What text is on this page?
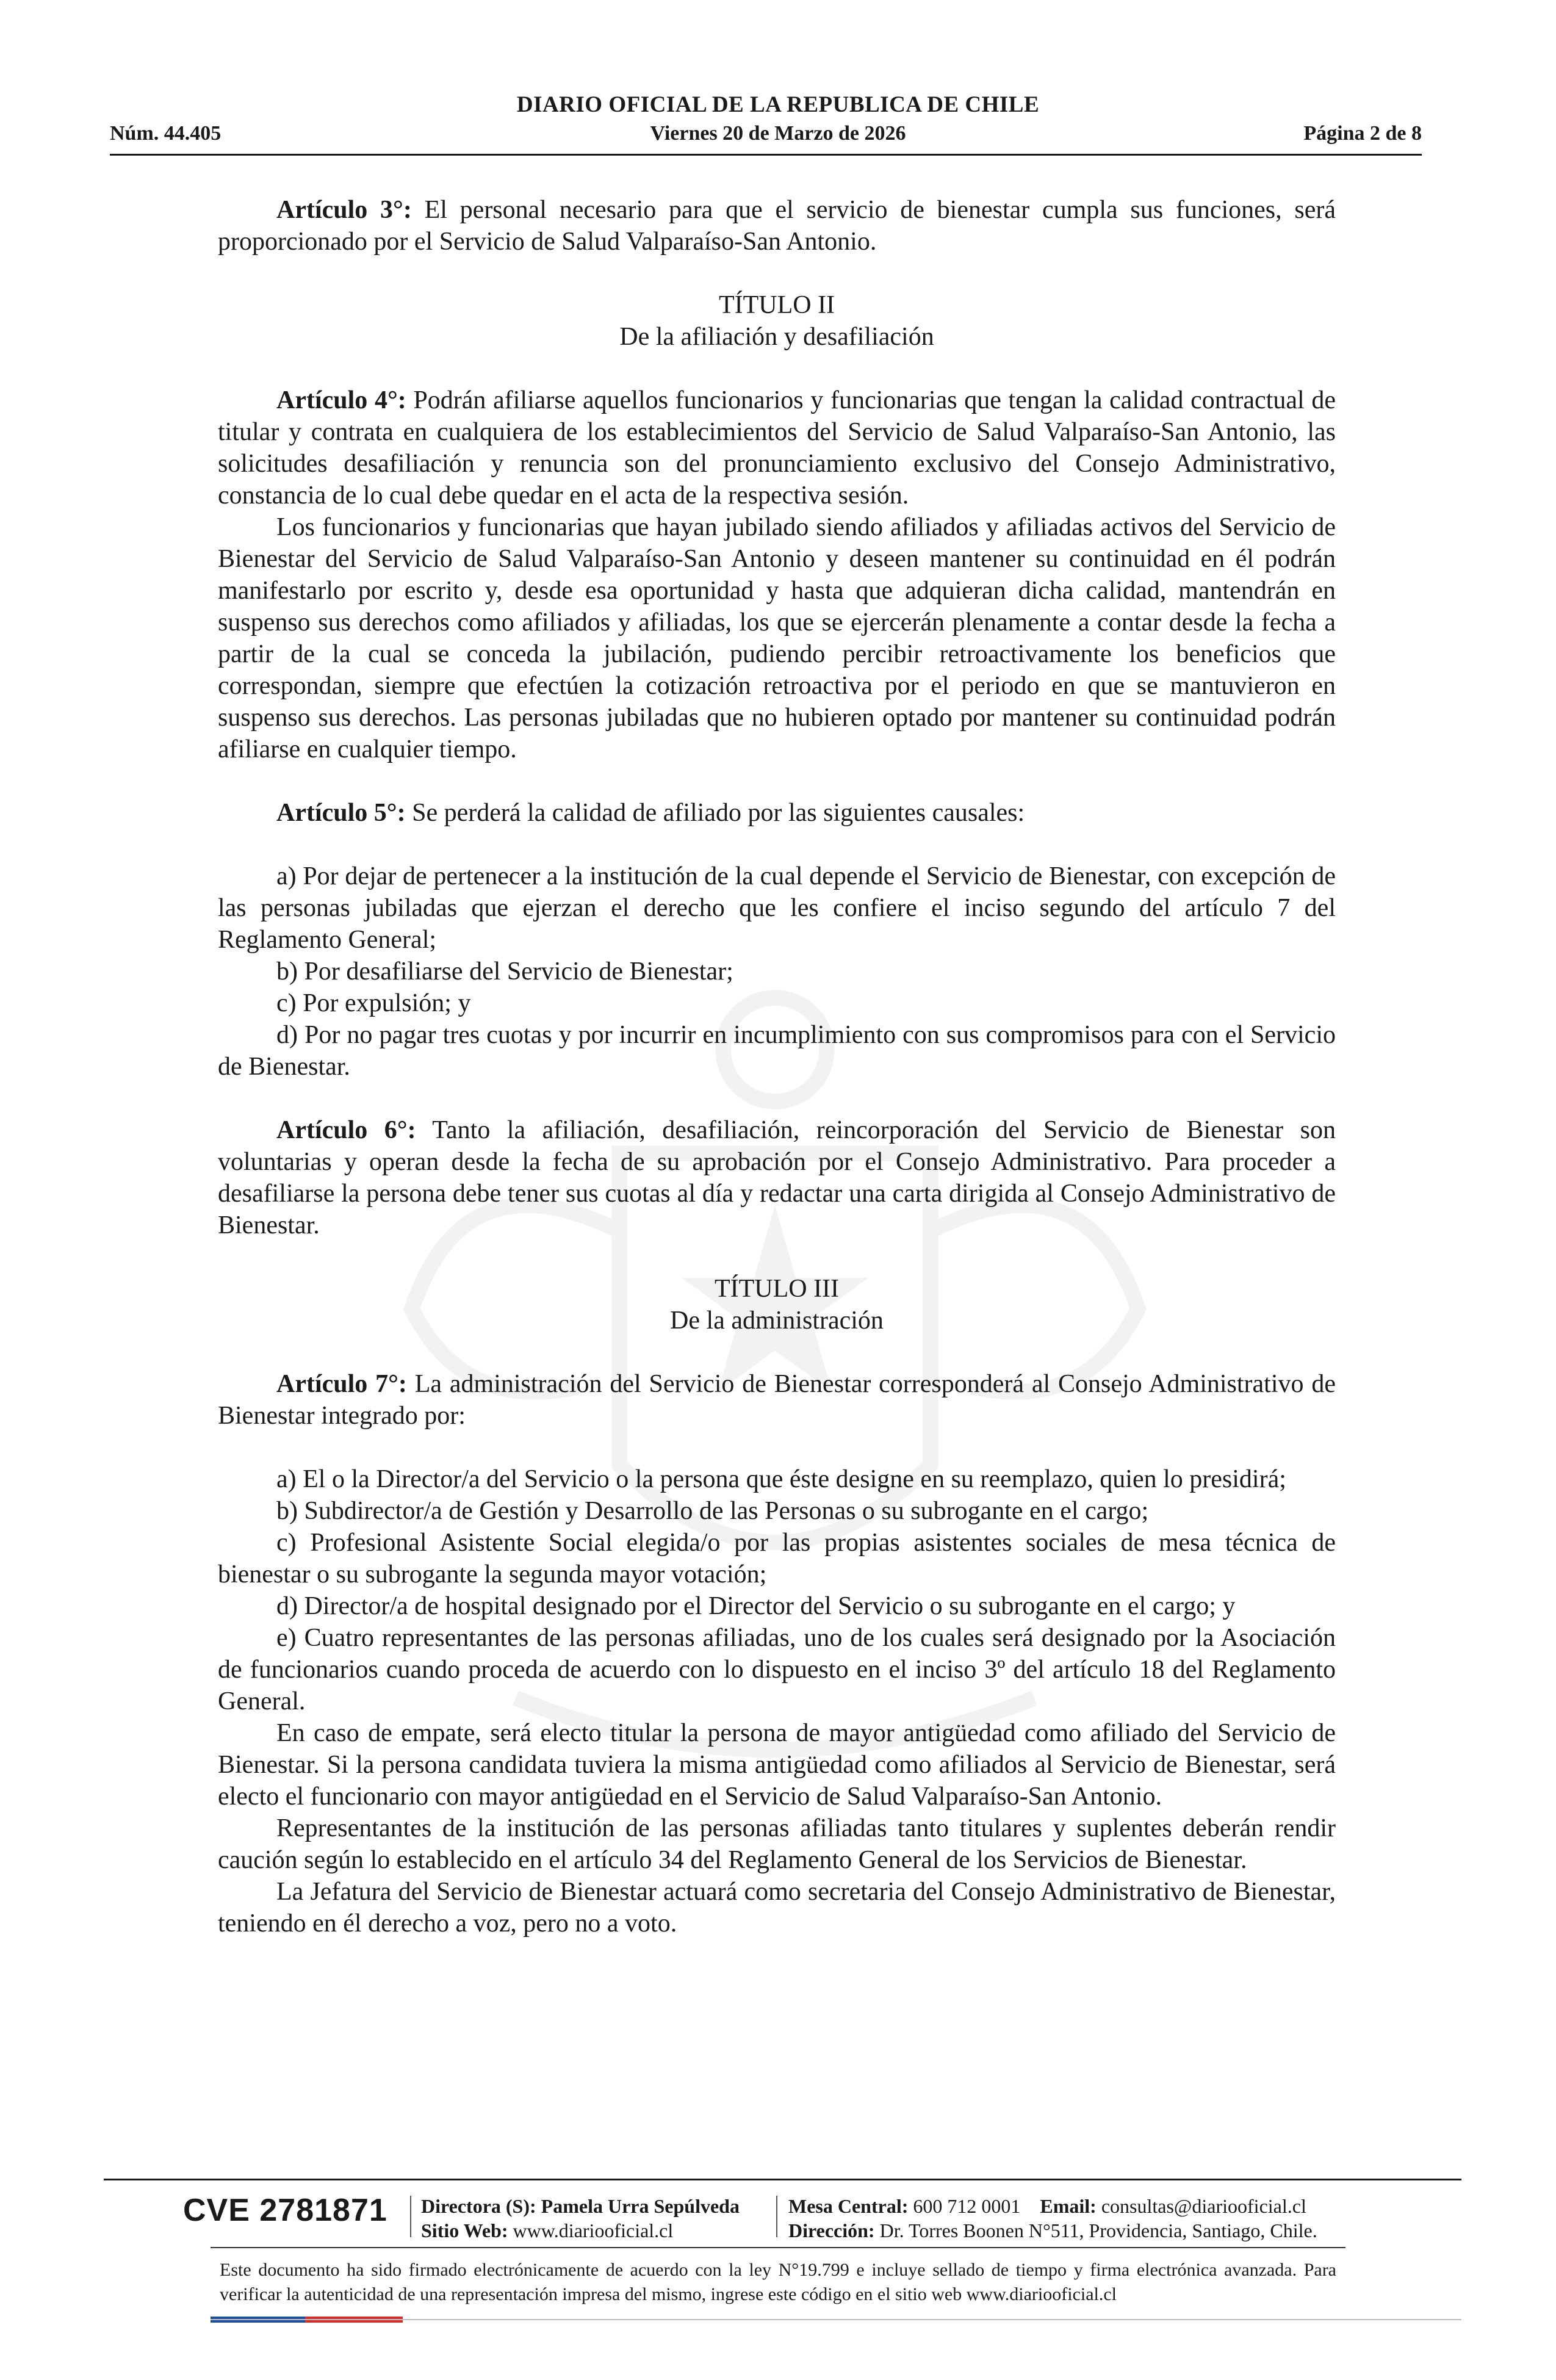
DIARIO OFICIAL DE LA REPUBLICA DE CHILE
Núm. 44.405	Viernes 20 de Marzo de 2026	Página 2 de 8

Artículo 3°: El personal necesario para que el servicio de bienestar cumpla sus funciones, será proporcionado por el Servicio de Salud Valparaíso-San Antonio.

TÍTULO II

De la afiliación y desafiliación

Artículo 4°: Podrán afiliarse aquellos funcionarios y funcionarias que tengan la calidad contractual de titular y contrata en cualquiera de los establecimientos del Servicio de Salud Valparaíso-San Antonio, las solicitudes desafiliación y renuncia son del pronunciamiento exclusivo del Consejo Administrativo, constancia de lo cual debe quedar en el acta de la respectiva sesión.

Los funcionarios y funcionarias que hayan jubilado siendo afiliados y afiliadas activos del Servicio de Bienestar del Servicio de Salud Valparaíso-San Antonio y deseen mantener su continuidad en él podrán manifestarlo por escrito y, desde esa oportunidad y hasta que adquieran dicha calidad, mantendrán en suspenso sus derechos como afiliados y afiliadas, los que se ejercerán plenamente a contar desde la fecha a partir de la cual se conceda la jubilación, pudiendo percibir retroactivamente los beneficios que correspondan, siempre que efectúen la cotización retroactiva por el periodo en que se mantuvieron en suspenso sus derechos. Las personas jubiladas que no hubieren optado por mantener su continuidad podrán afiliarse en cualquier tiempo.

Artículo 5°: Se perderá la calidad de afiliado por las siguientes causales:

a) Por dejar de pertenecer a la institución de la cual depende el Servicio de Bienestar, con excepción de las personas jubiladas que ejerzan el derecho que les confiere el inciso segundo del artículo 7 del Reglamento General;

b) Por desafiliarse del Servicio de Bienestar;

c) Por expulsión; y

d) Por no pagar tres cuotas y por incurrir en incumplimiento con sus compromisos para con el Servicio de Bienestar.

Artículo 6°: Tanto la afiliación, desafiliación, reincorporación del Servicio de Bienestar son voluntarias y operan desde la fecha de su aprobación por el Consejo Administrativo. Para proceder a desafiliarse la persona debe tener sus cuotas al día y redactar una carta dirigida al Consejo Administrativo de Bienestar.

TÍTULO III

De la administración

Artículo 7°: La administración del Servicio de Bienestar corresponderá al Consejo Administrativo de Bienestar integrado por:

a) El o la Director/a del Servicio o la persona que éste designe en su reemplazo, quien lo presidirá;

b) Subdirector/a de Gestión y Desarrollo de las Personas o su subrogante en el cargo;

c) Profesional Asistente Social elegida/o por las propias asistentes sociales de mesa técnica de bienestar o su subrogante la segunda mayor votación;

d) Director/a de hospital designado por el Director del Servicio o su subrogante en el cargo; y

e) Cuatro representantes de las personas afiliadas, uno de los cuales será designado por la Asociación de funcionarios cuando proceda de acuerdo con lo dispuesto en el inciso 3º del artículo 18 del Reglamento General.

En caso de empate, será electo titular la persona de mayor antigüedad como afiliado del Servicio de Bienestar. Si la persona candidata tuviera la misma antigüedad como afiliados al Servicio de Bienestar, será electo el funcionario con mayor antigüedad en el Servicio de Salud Valparaíso-San Antonio.

Representantes de la institución de las personas afiliadas tanto titulares y suplentes deberán rendir caución según lo establecido en el artículo 34 del Reglamento General de los Servicios de Bienestar.

La Jefatura del Servicio de Bienestar actuará como secretaria del Consejo Administrativo de Bienestar, teniendo en él derecho a voz, pero no a voto.

CVE 2781871 Directora (S): Pamela Urra Sepúlveda
Sitio Web: www.diariooficial.cl
Mesa Central: 600 712 0001 Email: consultas@diariooficial.cl
Dirección: Dr. Torres Boonen N°511, Providencia, Santiago, Chile.
Este documento ha sido firmado electrónicamente de acuerdo con la ley N°19.799 e incluye sellado de tiempo y firma electrónica avanzada. Para verificar la autenticidad de una representación impresa del mismo, ingrese este código en el sitio web www.diariooficial.cl
